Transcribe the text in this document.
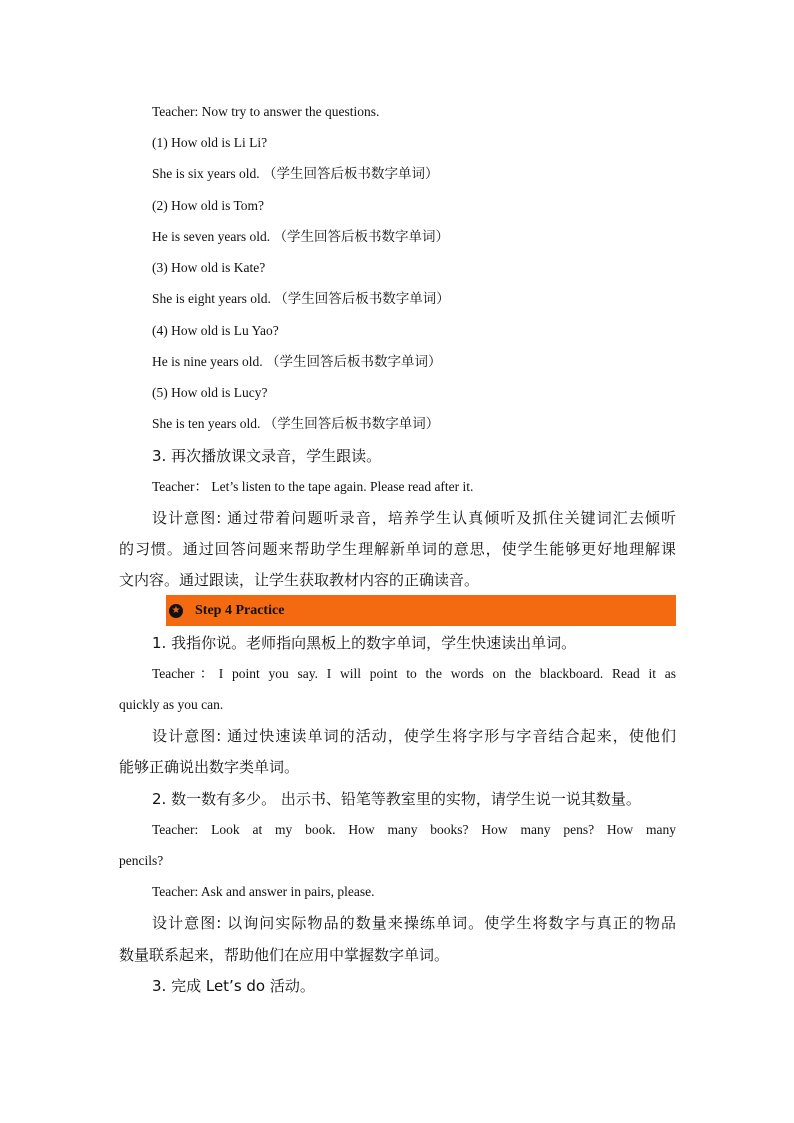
Teacher: Now try to answer the questions.
(1) How old is Li Li?
She is six years old. （学生回答后板书数字单词）
(2) How old is Tom?
He is seven years old. （学生回答后板书数字单词）
(3) How old is Kate?
She is eight years old. （学生回答后板书数字单词）
(4) How old is Lu Yao?
He is nine years old. （学生回答后板书数字单词）
(5) How old is Lucy?
She is ten years old. （学生回答后板书数字单词）
3. 再次播放课文录音，学生跟读。
Teacher： Let’s listen to the tape again. Please read after it.
设计意图: 通过带着问题听录音，培养学生认真倾听及抓住关键词汇去倾听
的习惯。通过回答问题来帮助学生理解新单词的意思，使学生能够更好地理解课
文内容。通过跟读，让学生获取教材内容的正确读音。
★ Step 4 Practice
1. 我指你说。老师指向黑板上的数字单词，学生快速读出单词。
Teacher：I point you say. I will point to the words on the blackboard. Read it as
quickly as you can.
设计意图: 通过快速读单词的活动，使学生将字形与字音结合起来，使他们
能够正确说出数字类单词。
2. 数一数有多少。 出示书、铅笔等教室里的实物，请学生说一说其数量。
Teacher: Look at my book. How many books? How many pens? How many
pencils?
Teacher: Ask and answer in pairs, please.
设计意图: 以询问实际物品的数量来操练单词。使学生将数字与真正的物品
数量联系起来，帮助他们在应用中掌握数字单词。
3. 完成 Let’s do 活动。
